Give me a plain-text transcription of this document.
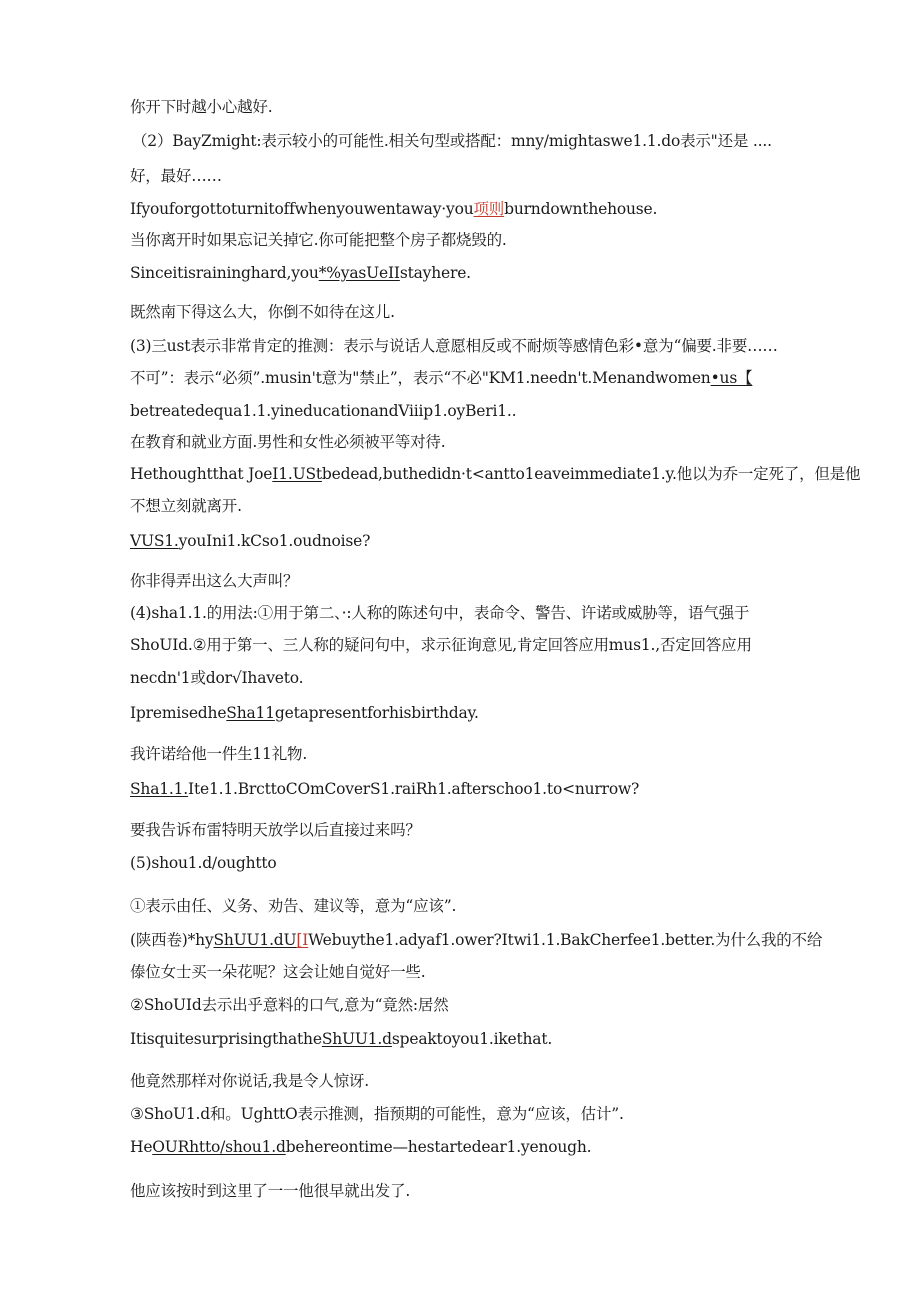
你开下时越小心越好.
（2）BayZmight:表示较小的可能性.相关句型或搭配：mny/mightaswe1.1.do表示"还是 ....
好，最好……
Ifyouforgottoturnitoffwhenyouwentaway·you项则burndownthehouse.
当你离开时如果忘记关掉它.你可能把整个房子都烧毁的.
Sinceitisraininghard,you*%yasUeIIstayhere.
既然南下得这么大，你倒不如待在这儿.
(3)三ust表示非常肯定的推测：表示与说话人意愿相反或不耐烦等感情色彩•意为“偏要.非要……
不可”：表示“必须”.musin't意为"禁止”，表示“不必"KM1.needn't.Menandwomen•us【
betreatedequa1.1.yineducationandViiip1.oyBeri1..
在教育和就业方面.男性和女性必须被平等对待.
Hethoughtthat JoeI1.UStbedead,buthedidn·t<antto1eaveimmediate1.y.他以为乔一定死了，但是他
不想立刻就离开.
VUS1.youIni1.kCso1.oudnoise?
你非得弄出这么大声叫？
(4)sha1.1.的用法:①用于第二、·:人称的陈述句中，表命令、警告、许诺或威胁等，语气强于
ShoUId.②用于第一、三人称的疑问句中，求示征询意见,肯定回答应用mus1.,否定回答应用
necdn'1或dor√Ihaveto.
IpremisedheSha11getapresentforhisbirthday.
我许诺给他一件生11礼物.
Sha1.1.Ite1.1.BrcttoCOmCoverS1.raiRh1.afterschoo1.to<nurrow?
要我告诉布雷特明天放学以后直接过来吗？
(5)shou1.d∕oughtto
①表示由任、义务、劝告、建议等，意为“应该”.
(陕西卷)*hyShUU1.dU[IWebuythe1.adyaf1.ower?Itwi1.1.BakCherfee1.better.为什么我的不给
傣位女士买一朵花呢？这会让她自觉好一些.
②ShoUId去示出乎意料的口气,意为“竟然:居然
ItisquitesurprisingthatheShUU1.dspeaktoyou1.ikethat.
他竟然那样对你说话,我是令人惊讶.
③ShoU1.d和。UghttO表示推测，指预期的可能性，意为“应该，估计”.
HeOURhtto/shou1.dbehereontime—hestartedear1.yenough.
他应该按时到这里了一一他很早就出发了.
